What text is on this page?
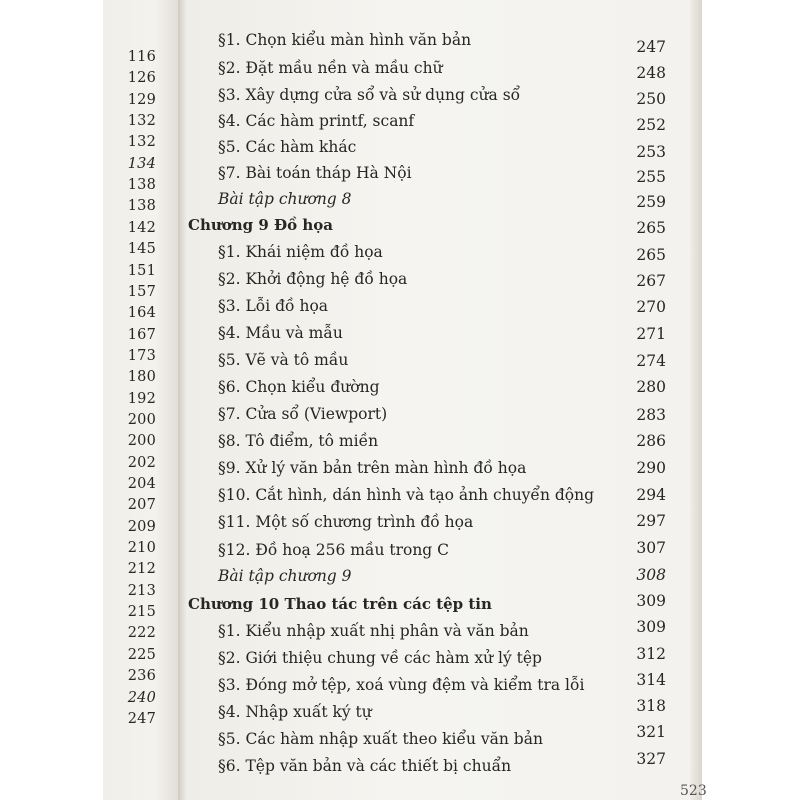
116
126
129
132
132
134
138
138
142
145
151
157
164
167
173
180
192
200
200
202
204
207
209
210
212
213
215
222
225
236
240
247
§1. Chọn kiểu màn hình văn bản	247
§2. Đặt mầu nền và mầu chữ	248
§3. Xây dựng cửa sổ và sử dụng cửa sổ	250
§4. Các hàm printf, scanf	252
§5. Các hàm khác	253
§7. Bài toán tháp Hà Nội	255
Bài tập chương 8	259
Chương 9 Đồ họa	265
§1. Khái niệm đồ họa	265
§2. Khởi động hệ đồ họa	267
§3. Lỗi đồ họa	270
§4. Mầu và mẫu	271
§5. Vẽ và tô mầu	274
§6. Chọn kiểu đường	280
§7. Cửa sổ (Viewport)	283
§8. Tô điểm, tô miền	286
§9. Xử lý văn bản trên màn hình đồ họa	290
§10. Cắt hình, dán hình và tạo ảnh chuyển động	294
§11. Một số chương trình đồ họa	297
§12. Đồ hoạ 256 mầu trong C	307
Bài tập chương 9	308
Chương 10 Thao tác trên các tệp tin	309
§1. Kiểu nhập xuất nhị phân và văn bản	309
§2. Giới thiệu chung về các hàm xử lý tệp	312
§3. Đóng mở tệp, xoá vùng đệm và kiểm tra lỗi	314
§4. Nhập xuất ký tự	318
§5. Các hàm nhập xuất theo kiểu văn bản	321
§6. Tệp văn bản và các thiết bị chuẩn	327
523
